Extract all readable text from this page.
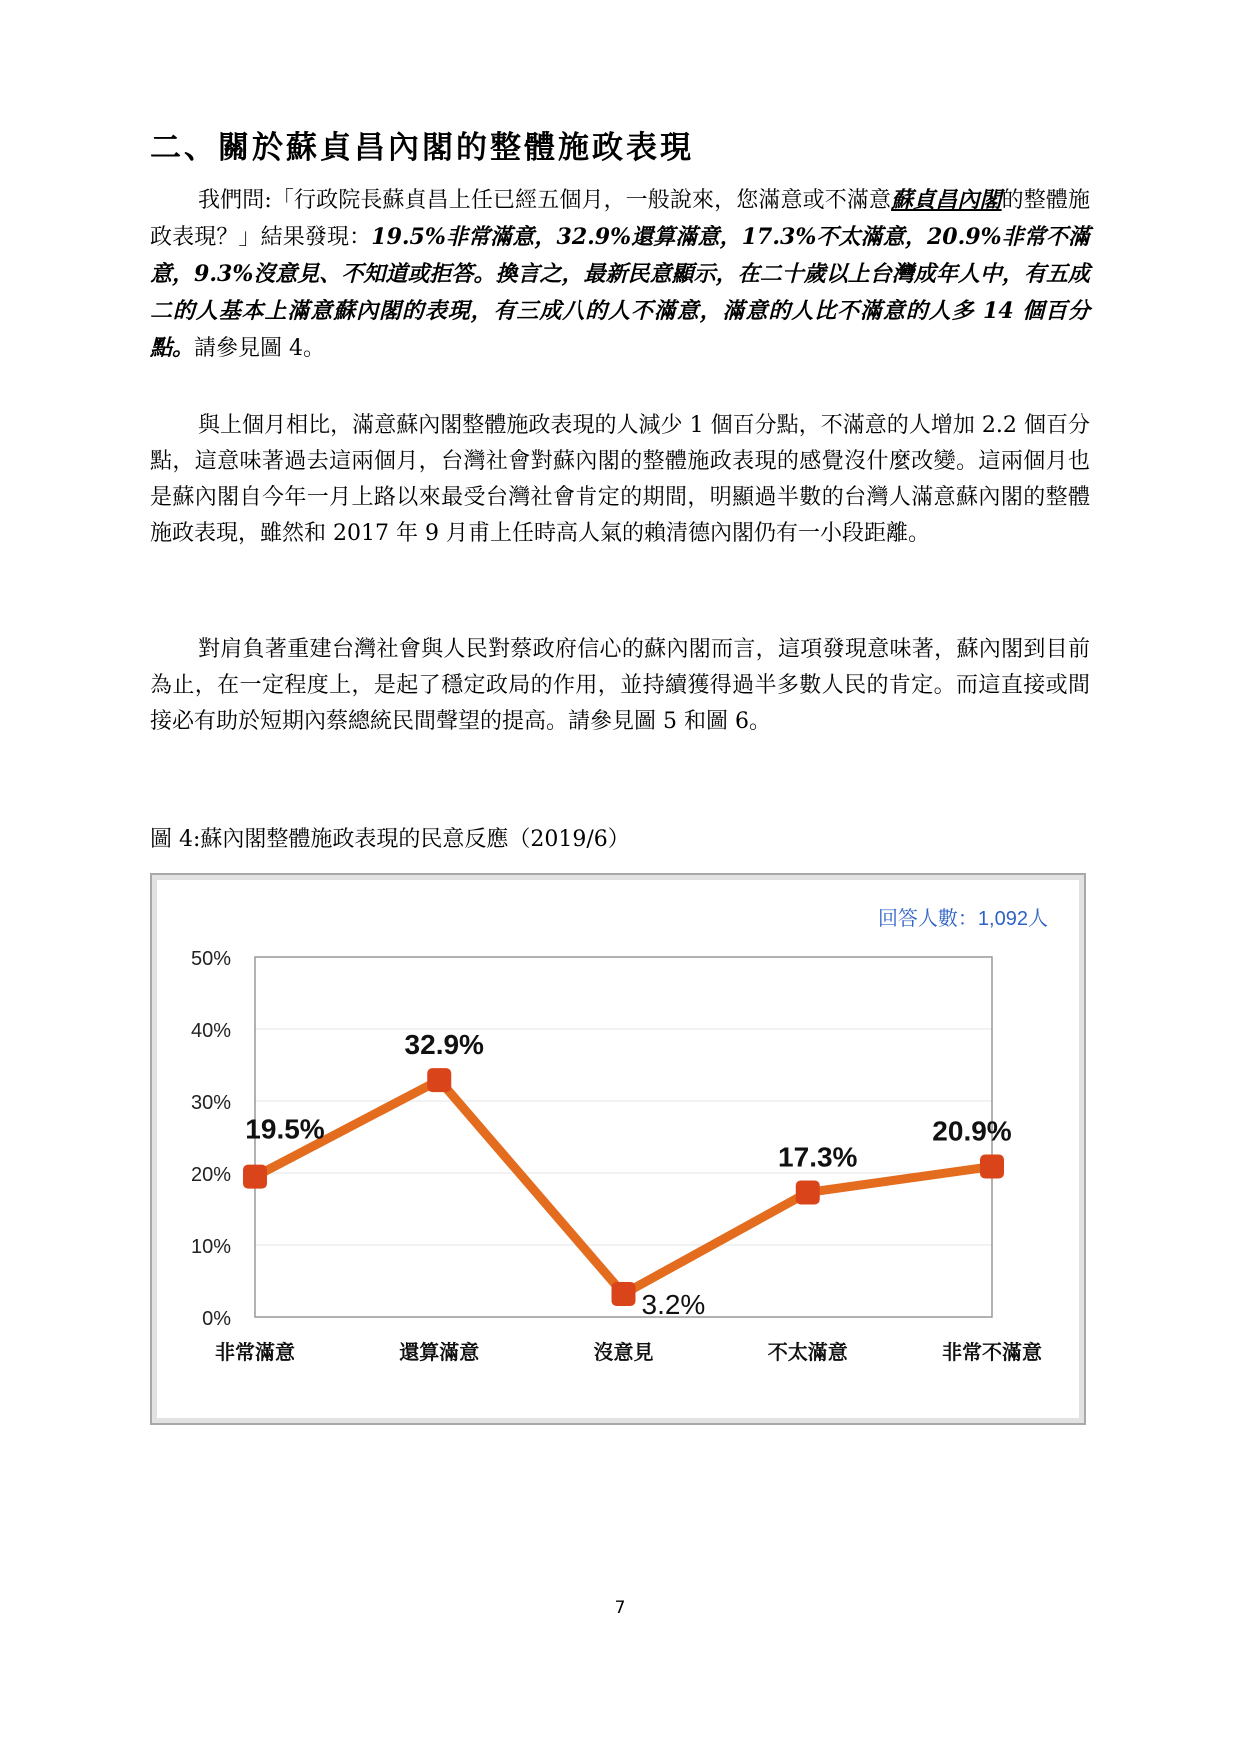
二、關於蘇貞昌內閣的整體施政表現

我們問:「行政院長蘇貞昌上任已經五個月，一般說來，您滿意或不滿意蘇貞昌內閣的整體施政表現？」結果發現：19.5%非常滿意，32.9%還算滿意，17.3%不太滿意，20.9%非常不滿意，9.3%沒意見、不知道或拒答。換言之，最新民意顯示，在二十歲以上台灣成年人中，有五成二的人基本上滿意蘇內閣的表現，有三成八的人不滿意，滿意的人比不滿意的人多 14 個百分點。請參見圖 4。

與上個月相比，滿意蘇內閣整體施政表現的人減少 1 個百分點，不滿意的人增加 2.2 個百分點，這意味著過去這兩個月，台灣社會對蘇內閣的整體施政表現的感覺沒什麼改變。這兩個月也是蘇內閣自今年一月上路以來最受台灣社會肯定的期間，明顯過半數的台灣人滿意蘇內閣的整體施政表現，雖然和 2017 年 9 月甫上任時高人氣的賴清德內閣仍有一小段距離。

對肩負著重建台灣社會與人民對蔡政府信心的蘇內閣而言，這項發現意味著，蘇內閣到目前為止，在一定程度上，是起了穩定政局的作用，並持續獲得過半多數人民的肯定。而這直接或間接必有助於短期內蔡總統民間聲望的提高。請參見圖 5 和圖 6。

圖 4:蘇內閣整體施政表現的民意反應（2019/6）

0%
10%
20%
30%
40%
50%
非常滿意	還算滿意	沒意見	不太滿意	非常不滿意
19.5%
32.9%
3.2%
17.3%
20.9%
回答人數：1,092人
7
